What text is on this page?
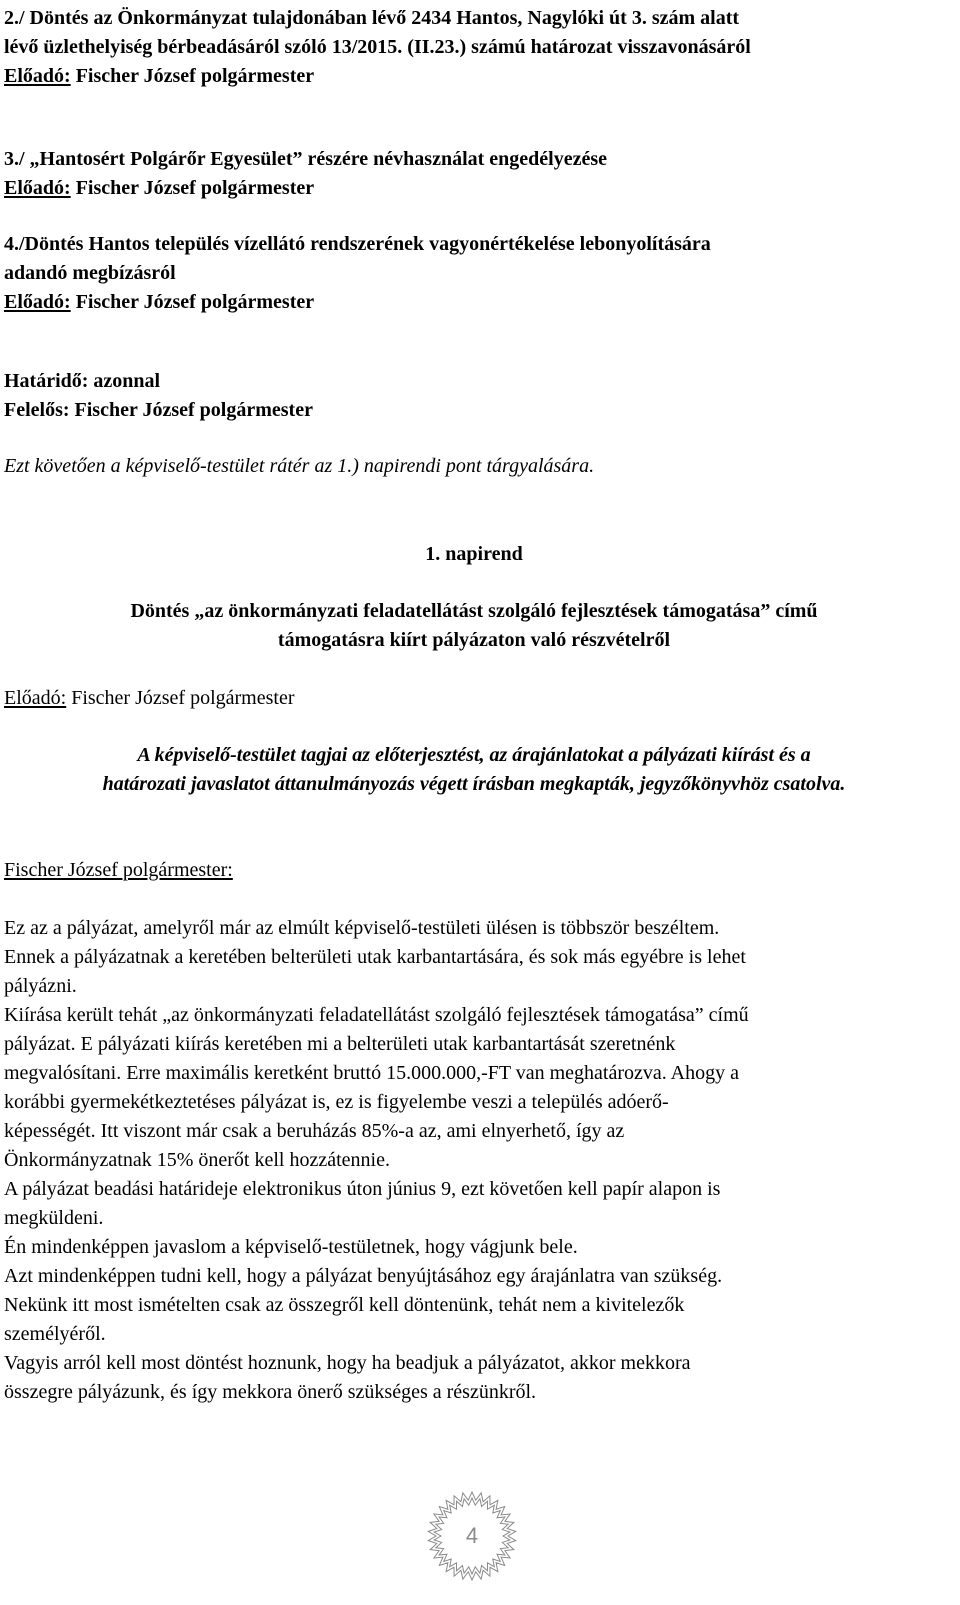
2./ Döntés az Önkormányzat tulajdonában lévő 2434 Hantos, Nagylóki út 3. szám alatt
lévő üzlethelyiség bérbeadásáról szóló 13/2015. (II.23.) számú határozat visszavonásáról
Előadó: Fischer József polgármester
3./ „Hantosért Polgárőr Egyesület” részére névhasználat engedélyezése
Előadó: Fischer József polgármester
4./Döntés Hantos település vízellátó rendszerének vagyonértékelése lebonyolítására
adandó megbízásról
Előadó: Fischer József polgármester
Határidő: azonnal
Felelős: Fischer József polgármester
Ezt követően a képviselő-testület rátér az 1.) napirendi pont tárgyalására.
1. napirend
Döntés „az önkormányzati feladatellátást szolgáló fejlesztések támogatása” című
támogatásra kiírt pályázaton való részvételről
Előadó: Fischer József polgármester
A képviselő-testület tagjai az előterjesztést, az árajánlatokat a pályázati kiírást és a
határozati javaslatot áttanulmányozás végett írásban megkapták, jegyzőkönyvhöz csatolva.
Fischer József polgármester:
Ez az a pályázat, amelyről már az elmúlt képviselő-testületi ülésen is többször beszéltem.
Ennek a pályázatnak a keretében belterületi utak karbantartására, és sok más egyébre is lehet
pályázni.
Kiírása került tehát „az önkormányzati feladatellátást szolgáló fejlesztések támogatása” című
pályázat. E pályázati kiírás keretében mi a belterületi utak karbantartását szeretnénk
megvalósítani. Erre maximális keretként bruttó 15.000.000,-FT van meghatározva. Ahogy a
korábbi gyermekétkeztetéses pályázat is, ez is figyelembe veszi a település adóerő-
képességét. Itt viszont már csak a beruházás 85%-a az, ami elnyerhető, így az
Önkormányzatnak 15% önerőt kell hozzátennie.
A pályázat beadási határideje elektronikus úton június 9, ezt követően kell papír alapon is
megküldeni.
Én mindenképpen javaslom a képviselő-testületnek, hogy vágjunk bele.
Azt mindenképpen tudni kell, hogy a pályázat benyújtásához egy árajánlatra van szükség.
Nekünk itt most ismételten csak az összegről kell döntenünk, tehát nem a kivitelezők
személyéről.
Vagyis arról kell most döntést hoznunk, hogy ha beadjuk a pályázatot, akkor mekkora
összegre pályázunk, és így mekkora önerő szükséges a részünkről.
4
